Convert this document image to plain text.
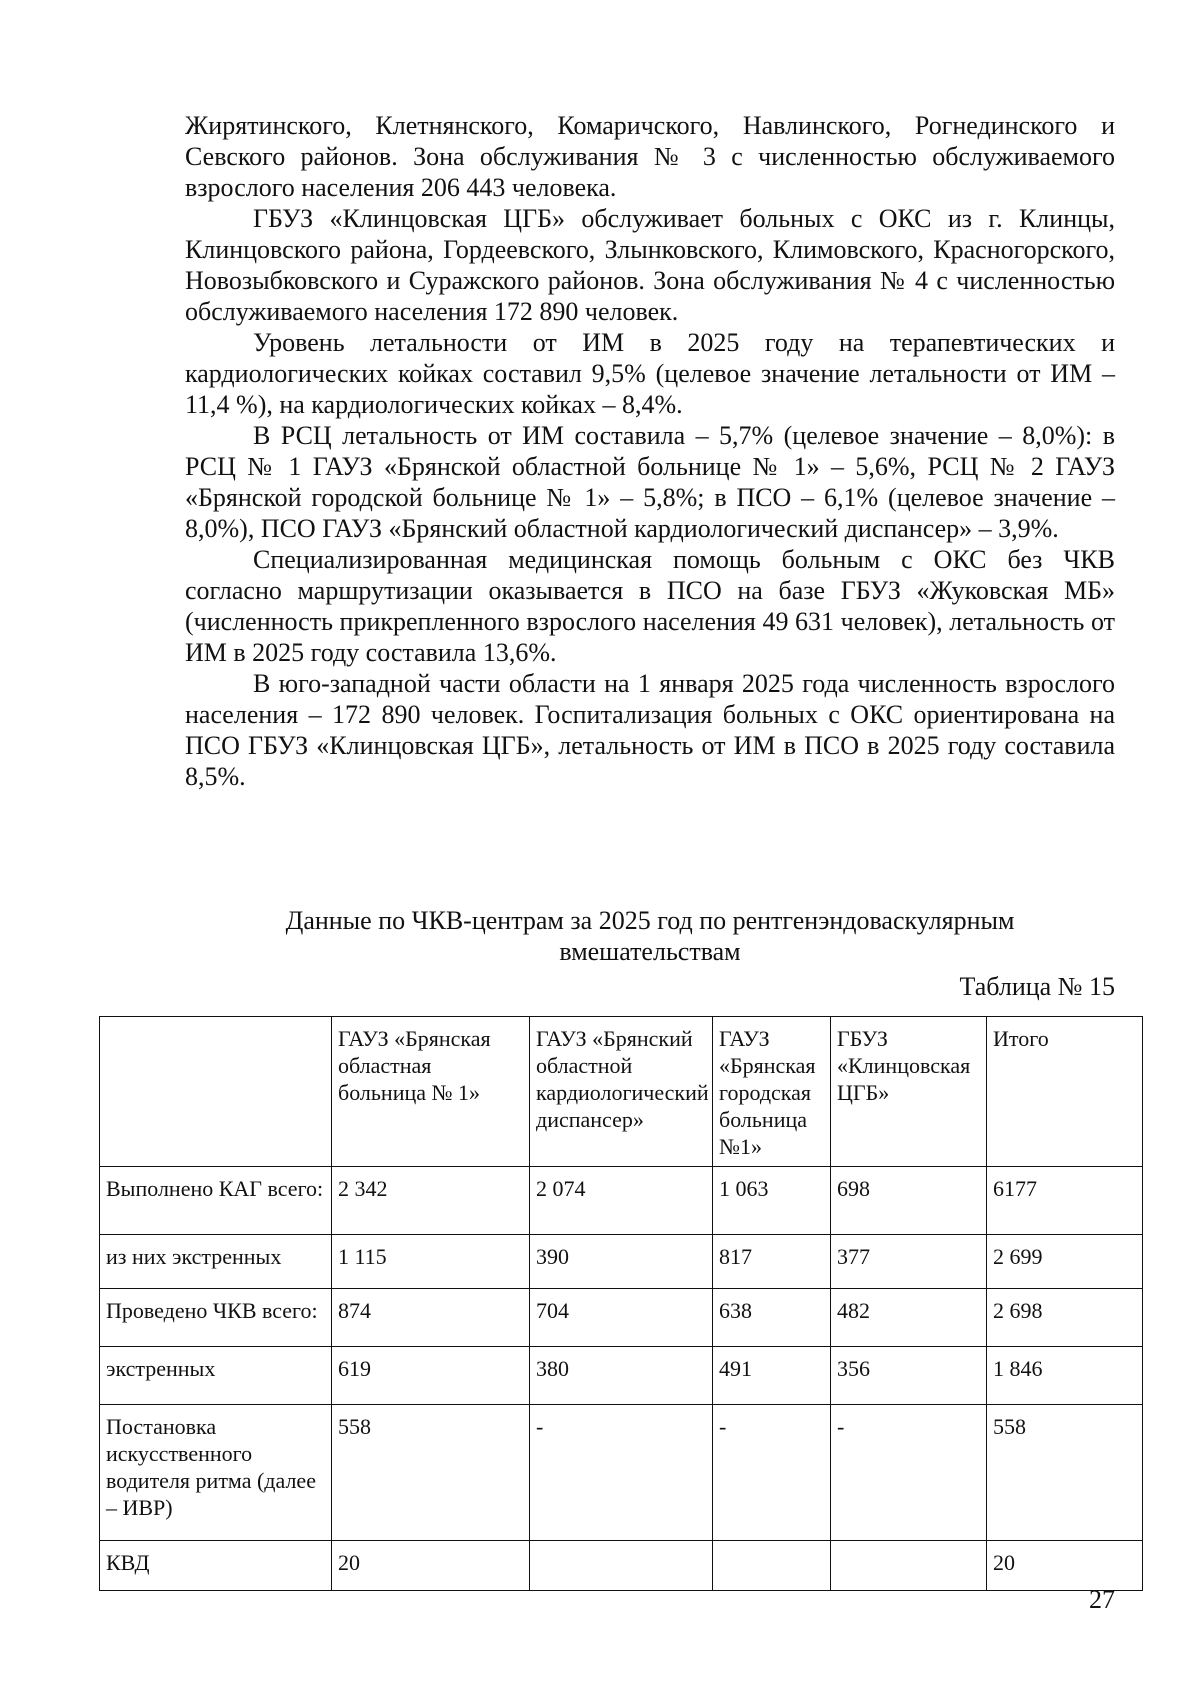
Жирятинского, Клетнянского, Комаричского, Навлинского, Рогнединского и Севского районов. Зона обслуживания № 3 с численностью обслуживаемого взрослого населения 206 443 человека.

ГБУЗ «Клинцовская ЦГБ» обслуживает больных с ОКС из г. Клинцы, Клинцовского района, Гордеевского, Злынковского, Климовского, Красногорского, Новозыбковского и Суражского районов. Зона обслуживания № 4 с численностью обслуживаемого населения 172 890 человек.

Уровень летальности от ИМ в 2025 году на терапевтических и кардиологических койках составил 9,5% (целевое значение летальности от ИМ – 11,4 %), на кардиологических койках – 8,4%.

В РСЦ летальность от ИМ составила – 5,7% (целевое значение – 8,0%): в РСЦ № 1 ГАУЗ «Брянской областной больнице № 1» – 5,6%, РСЦ № 2 ГАУЗ «Брянской городской больнице № 1» – 5,8%; в ПСО – 6,1% (целевое значение – 8,0%), ПСО ГАУЗ «Брянский областной кардиологический диспансер» – 3,9%.

Специализированная медицинская помощь больным с ОКС без ЧКВ согласно маршрутизации оказывается в ПСО на базе ГБУЗ «Жуковская МБ» (численность прикрепленного взрослого населения 49 631 человек), летальность от ИМ в 2025 году составила 13,6%.

В юго-западной части области на 1 января 2025 года численность взрослого населения – 172 890 человек. Госпитализация больных с ОКС ориентирована на ПСО ГБУЗ «Клинцовская ЦГБ», летальность от ИМ в ПСО в 2025 году составила 8,5%.

Данные по ЧКВ-центрам за 2025 год по рентгенэндоваскулярным
вмешательствам
Таблица № 15
	ГАУЗ «Брянская областная больница № 1»	ГАУЗ «Брянский областной кардиологический диспансер»	ГАУЗ «Брянская городская больница №1»	ГБУЗ «Клинцовская ЦГБ»	Итого
Выполнено КАГ всего:	2 342	2 074	1 063	698	6177
из них экстренных	1 115	390	817	377	2 699
Проведено ЧКВ всего:	874	704	638	482	2 698
экстренных	619	380	491	356	1 846
Постановка искусственного водителя ритма (далее – ИВР)	558	-	-	-	558
КВД	20				20
27
